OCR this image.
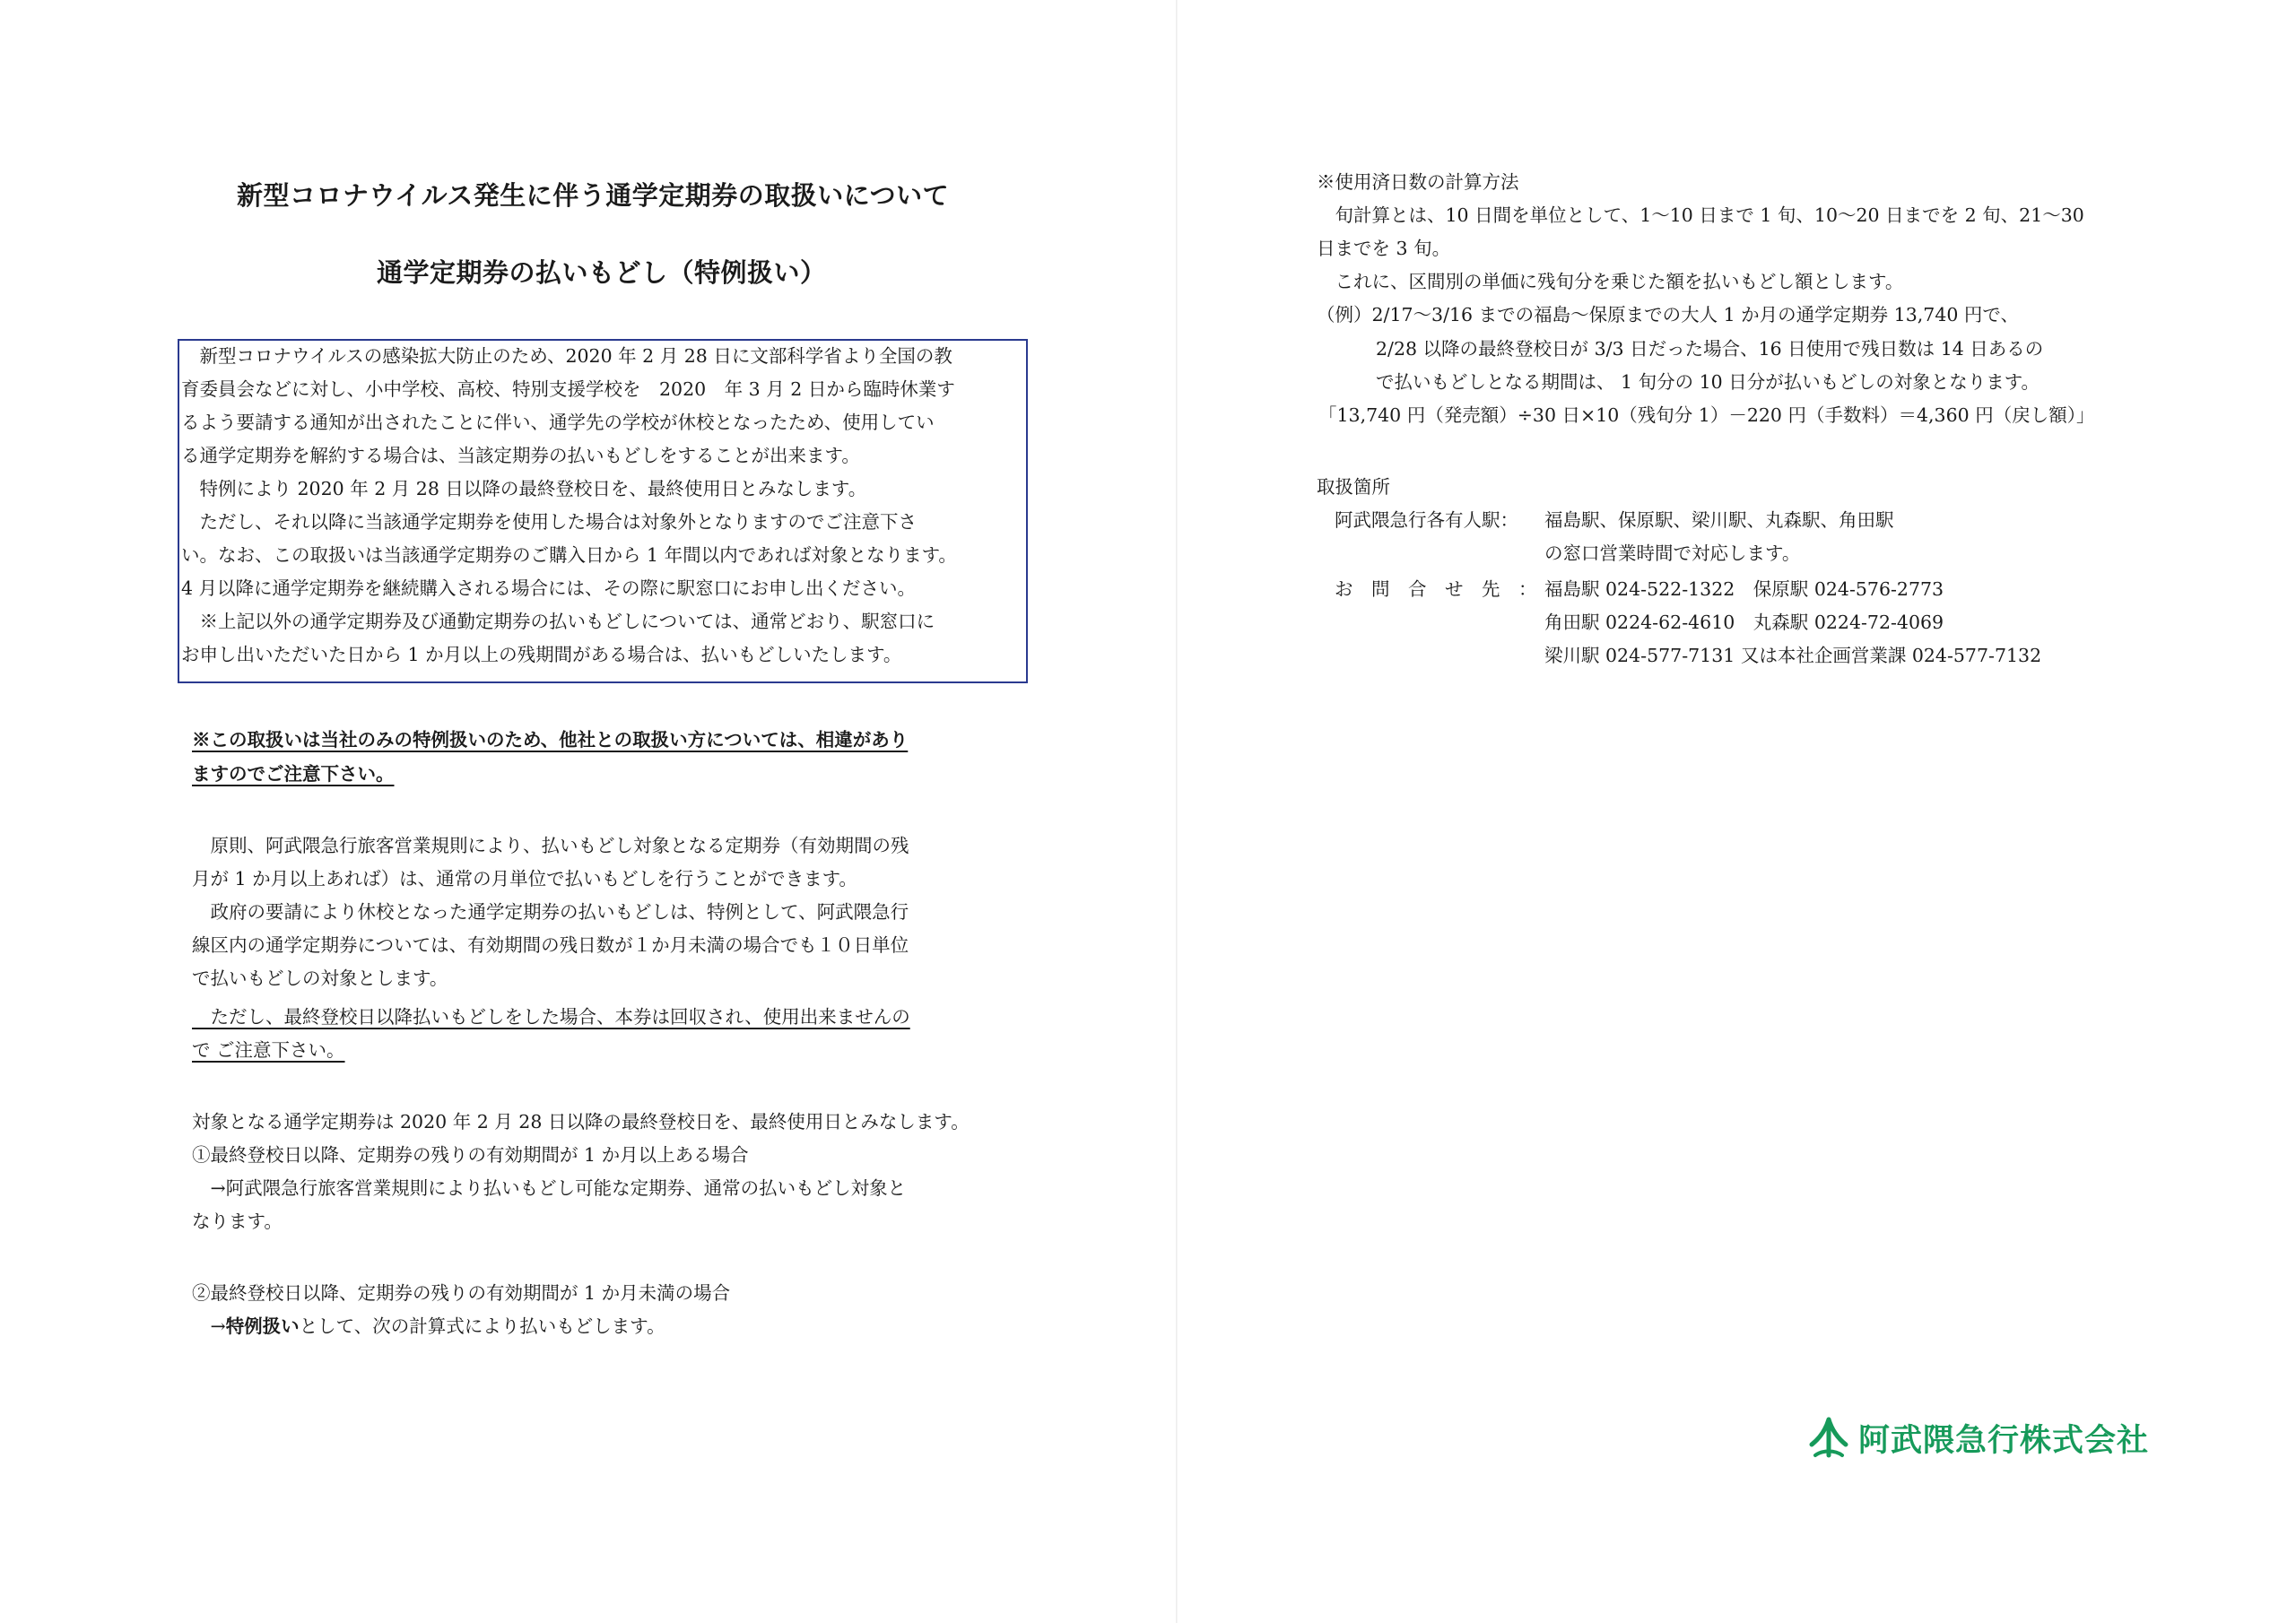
新型コロナウイルス発生に伴う通学定期券の取扱いについて
通学定期券の払いもどし（特例扱い）
　新型コロナウイルスの感染拡大防止のため、2020 年 2 月 28 日に文部科学省より全国の教
育委員会などに対し、小中学校、高校、特別支援学校を　2020　年 3 月 2 日から臨時休業す
るよう要請する通知が出されたことに伴い、通学先の学校が休校となったため、使用してい
る通学定期券を解約する場合は、当該定期券の払いもどしをすることが出来ます。
　特例により 2020 年 2 月 28 日以降の最終登校日を、最終使用日とみなします。
　ただし、それ以降に当該通学定期券を使用した場合は対象外となりますのでご注意下さ
い。なお、この取扱いは当該通学定期券のご購入日から 1 年間以内であれば対象となります。
4 月以降に通学定期券を継続購入される場合には、その際に駅窓口にお申し出ください。
　※上記以外の通学定期券及び通勤定期券の払いもどしについては、通常どおり、駅窓口に
お申し出いただいた日から 1 か月以上の残期間がある場合は、払いもどしいたします。
※この取扱いは当社のみの特例扱いのため、他社との取扱い方については、相違があり
ますのでご注意下さい。
　原則、阿武隈急行旅客営業規則により、払いもどし対象となる定期券（有効期間の残
月が 1 か月以上あれば）は、通常の月単位で払いもどしを行うことができます。
　政府の要請により休校となった通学定期券の払いもどしは、特例として、阿武隈急行
線区内の通学定期券については、有効期間の残日数が１か月未満の場合でも１０日単位
で払いもどしの対象とします。
　ただし、最終登校日以降払いもどしをした場合、本券は回収され、使用出来ませんの
で ご注意下さい。
対象となる通学定期券は 2020 年 2 月 28 日以降の最終登校日を、最終使用日とみなします。
①最終登校日以降、定期券の残りの有効期間が 1 か月以上ある場合
　→阿武隈急行旅客営業規則により払いもどし可能な定期券、通常の払いもどし対象と
なります。
②最終登校日以降、定期券の残りの有効期間が 1 か月未満の場合
　→特例扱いとして、次の計算式により払いもどします。
※使用済日数の計算方法
　旬計算とは、10 日間を単位として、1～10 日まで 1 旬、10～20 日までを 2 旬、21～30
日までを 3 旬。
　これに、区間別の単価に残旬分を乗じた額を払いもどし額とします。
（例）2/17～3/16 までの福島～保原までの大人 1 か月の通学定期券 13,740 円で、
2/28 以降の最終登校日が 3/3 日だった場合、16 日使用で残日数は 14 日あるの
で払いもどしとなる期間は、 1 旬分の 10 日分が払いもどしの対象となります。
「13,740 円（発売額）÷30 日×10（残旬分 1）－220 円（手数料）＝4,360 円（戻し額）」
取扱箇所
阿武隈急行各有人駅： 福島駅、保原駅、梁川駅、丸森駅、角田駅
の窓口営業時間で対応します。
お　問　合　せ　先　： 福島駅 024-522-1322　保原駅 024-576-2773
角田駅 0224-62-4610　丸森駅 0224-72-4069
梁川駅 024-577-7131 又は本社企画営業課 024-577-7132
阿武隈急行株式会社
